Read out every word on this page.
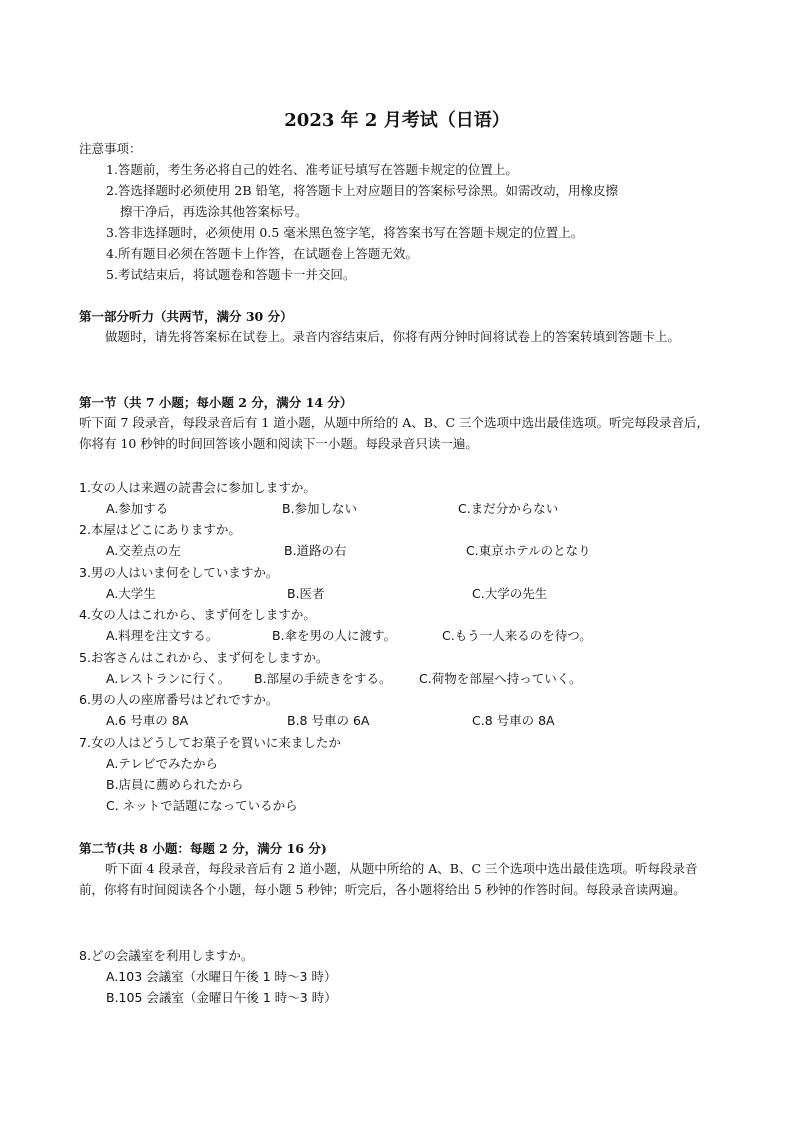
2023 年 2 月考试（日语）
注意事项：
1.答题前，考生务必将自己的姓名、准考证号填写在答题卡规定的位置上。
2.答选择题时必须使用 2B 铅笔，将答题卡上对应题目的答案标号涂黑。如需改动，用橡皮擦
擦干净后，再选涂其他答案标号。
3.答非选择题时，必须使用 0.5 毫米黑色签字笔，将答案书写在答题卡规定的位置上。
4.所有题目必须在答题卡上作答，在试题卷上答题无效。
5.考试结束后，将试题卷和答题卡一并交回。
第一部分听力（共两节，满分 30 分）
做题时，请先将答案标在试卷上。录音内容结束后，你将有两分钟时间将试卷上的答案转填到答题卡上。
第一节（共 7 小题；每小题 2 分，满分 14 分）
听下面 7 段录音，每段录音后有 1 道小题，从题中所给的 A、B、C 三个选项中选出最佳选项。听完每段录音后，你将有 10 秒钟的时间回答该小题和阅读下一小题。每段录音只读一遍。
1.女の人は来週の読書会に参加しますか。
A.参加する	B.参加しない	C.まだ分からない
2.本屋はどこにありますか。
A.交差点の左	B.道路の右	C.東京ホテルのとなり
3.男の人はいま何をしていますか。
A.大学生	B.医者	C.大学の先生
4.女の人はこれから、まず何をしますか。
A.料理を注文する。	B.傘を男の人に渡す。	C.もう一人来るのを待つ。
5.お客さんはこれから、まず何をしますか。
A.レストランに行く。 B.部屋の手続きをする。 C.荷物を部屋へ持っていく。
6.男の人の座席番号はどれですか。
A.6 号車の 8A	B.8 号車の 6A	C.8 号車の 8A
7.女の人はどうしてお菓子を買いに来ましたか
A.テレビでみたから
B.店員に薦められたから
C. ネットで話題になっているから
第二节(共 8 小题：每题 2 分，满分 16 分)
听下面 4 段录音，每段录音后有 2 道小题，从题中所给的 A、B、C 三个选项中选出最佳选项。听每段录音前，你将有时间阅读各个小题，每小题 5 秒钟；听完后，各小题将给出 5 秒钟的作答时间。每段录音读两遍。
8.どの会議室を利用しますか。
A.103 会議室（水曜日午後 1 時～3 時）
B.105 会議室（金曜日午後 1 時～3 時）
